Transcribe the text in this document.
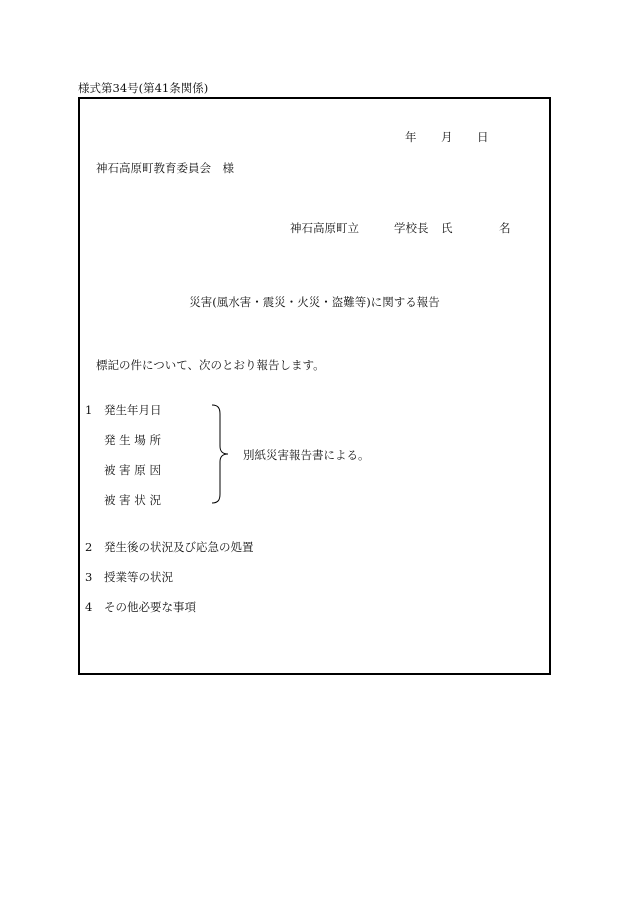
様式第34号(第41条関係)
年 月 日
神石高原町教育委員会　様
神石高原町立	学校長 氏	名
災害(風水害・震災・火災・盗難等)に関する報告
標記の件について、次のとおり報告します。
1 発生年月日
発 生 場 所
被 害 原 因
被 害 状 況
別紙災害報告書による。
2 発生後の状況及び応急の処置
3 授業等の状況
4 その他必要な事項
